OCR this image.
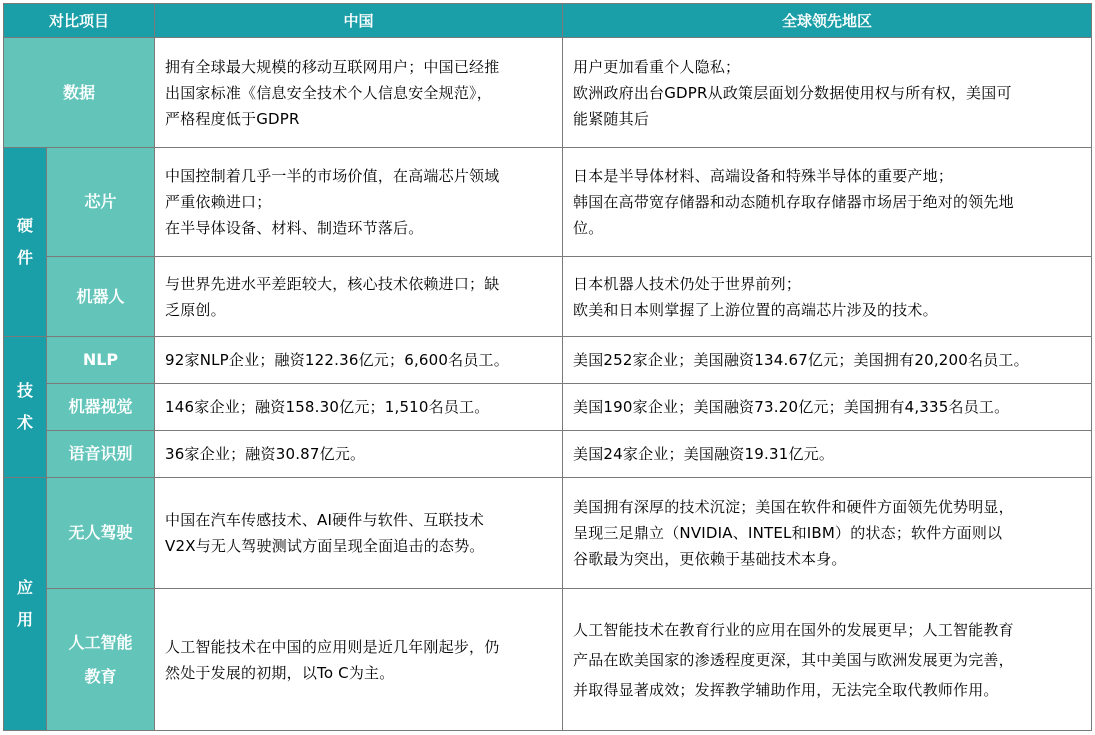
对比项目		中国	全球领先地区
数据		拥有全球最大规模的移动互联网用户；中国已经推
出国家标准《信息安全技术个人信息安全规范》，
严格程度低于GDPR	用户更加看重个人隐私；
欧洲政府出台GDPR从政策层面划分数据使用权与所有权，美国可
能紧随其后

硬
件	芯片	中国控制着几乎一半的市场价值，在高端芯片领域
严重依赖进口；
在半导体设备、材料、制造环节落后。	日本是半导体材料、高端设备和特殊半导体的重要产地；
韩国在高带宽存储器和动态随机存取存储器市场居于绝对的领先地
位。

	机器人	与世界先进水平差距较大，核心技术依赖进口；缺
乏原创。	日本机器人技术仍处于世界前列；
欧美和日本则掌握了上游位置的高端芯片涉及的技术。

技
术	NLP	92家NLP企业；融资122.36亿元；6,600名员工。	美国252家企业；美国融资134.67亿元；美国拥有20,200名员工。
	机器视觉	146家企业；融资158.30亿元；1,510名员工。	美国190家企业；美国融资73.20亿元；美国拥有4,335名员工。
	语音识别	36家企业；融资30.87亿元。	美国24家企业；美国融资19.31亿元。

应
用	无人驾驶	中国在汽车传感技术、AI硬件与软件、互联技术
V2X与无人驾驶测试方面呈现全面追击的态势。	美国拥有深厚的技术沉淀；美国在软件和硬件方面领先优势明显，
呈现三足鼎立（NVIDIA、INTEL和IBM）的状态；软件方面则以
谷歌最为突出，更依赖于基础技术本身。

	人工智能
教育	人工智能技术在中国的应用则是近几年刚起步，仍
然处于发展的初期，以To C为主。	人工智能技术在教育行业的应用在国外的发展更早；人工智能教育
产品在欧美国家的渗透程度更深，其中美国与欧洲发展更为完善，
并取得显著成效；发挥教学辅助作用，无法完全取代教师作用。
